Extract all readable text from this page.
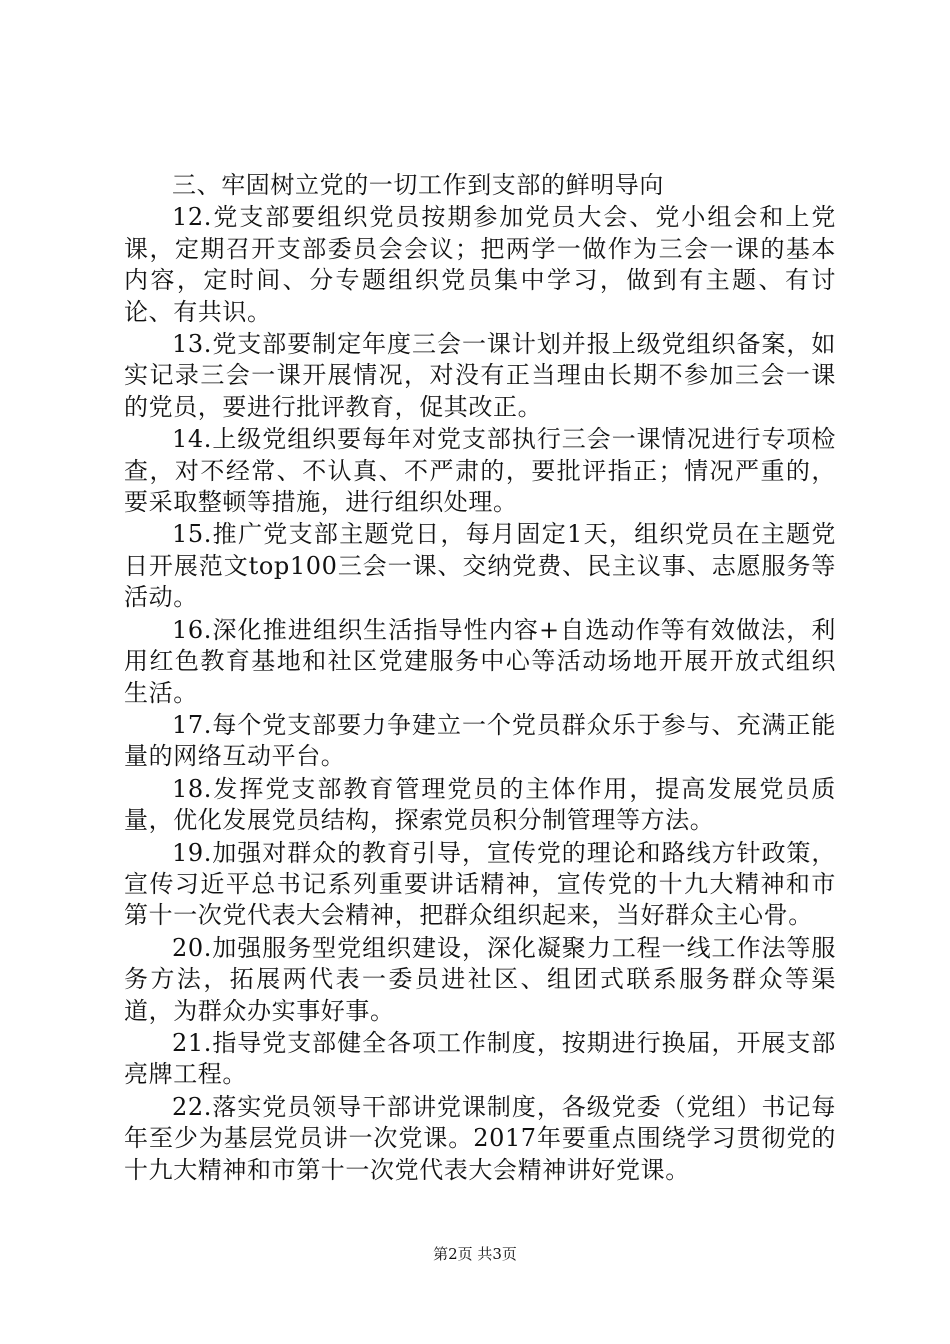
三、牢固树立党的一切工作到支部的鲜明导向

12.党支部要组织党员按期参加党员大会、党小组会和上党课，定期召开支部委员会会议；把两学一做作为三会一课的基本内容，定时间、分专题组织党员集中学习，做到有主题、有讨论、有共识。

13.党支部要制定年度三会一课计划并报上级党组织备案，如实记录三会一课开展情况，对没有正当理由长期不参加三会一课的党员，要进行批评教育，促其改正。

14.上级党组织要每年对党支部执行三会一课情况进行专项检查，对不经常、不认真、不严肃的，要批评指正；情况严重的，要采取整顿等措施，进行组织处理。

15.推广党支部主题党日，每月固定1天，组织党员在主题党日开展范文top100三会一课、交纳党费、民主议事、志愿服务等活动。

16.深化推进组织生活指导性内容+自选动作等有效做法，利用红色教育基地和社区党建服务中心等活动场地开展开放式组织生活。

17.每个党支部要力争建立一个党员群众乐于参与、充满正能量的网络互动平台。

18.发挥党支部教育管理党员的主体作用，提高发展党员质量，优化发展党员结构，探索党员积分制管理等方法。

19.加强对群众的教育引导，宣传党的理论和路线方针政策，宣传习近平总书记系列重要讲话精神，宣传党的十九大精神和市第十一次党代表大会精神，把群众组织起来，当好群众主心骨。

20.加强服务型党组织建设，深化凝聚力工程一线工作法等服务方法，拓展两代表一委员进社区、组团式联系服务群众等渠道，为群众办实事好事。

21.指导党支部健全各项工作制度，按期进行换届，开展支部亮牌工程。

22.落实党员领导干部讲党课制度，各级党委（党组）书记每年至少为基层党员讲一次党课。2017年要重点围绕学习贯彻党的十九大精神和市第十一次党代表大会精神讲好党课。

第2页 共3页
